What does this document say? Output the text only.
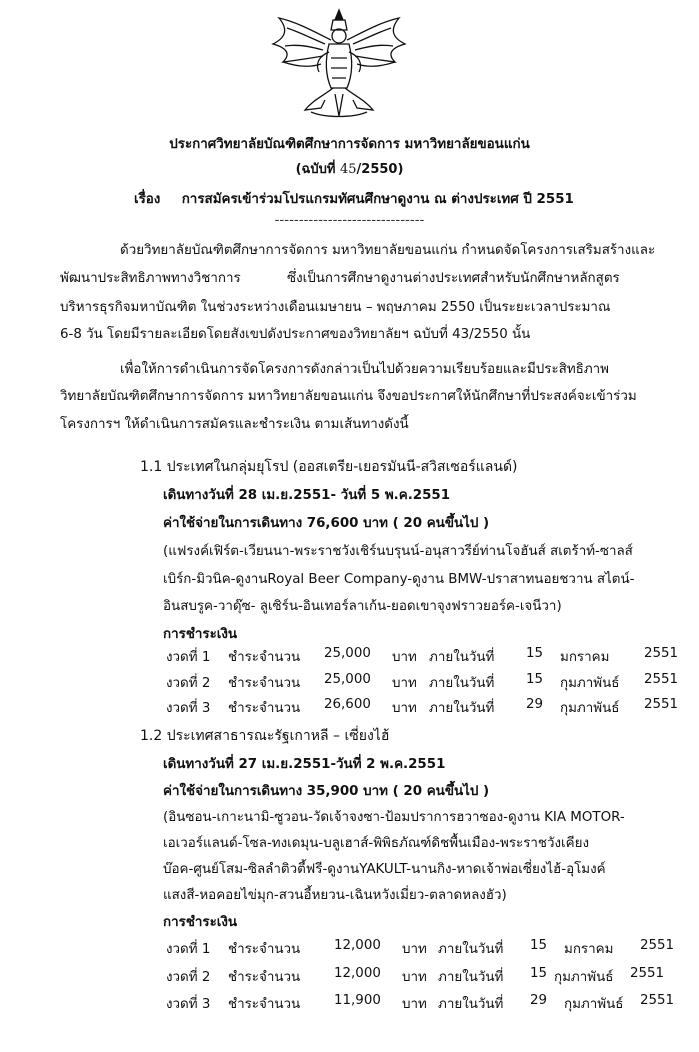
ประกาศวิทยาลัยบัณฑิตศึกษาการจัดการ มหาวิทยาลัยขอนแก่น
(ฉบับที่ 45/2550)
เรื่อง การสมัครเข้าร่วมโปรแกรมทัศนศึกษาดูงาน ณ ต่างประเทศ ปี 2551
-------------------------------
ด้วยวิทยาลัยบัณฑิตศึกษาการจัดการ มหาวิทยาลัยขอนแก่น กำหนดจัดโครงการเสริมสร้างและ
พัฒนาประสิทธิภาพทางวิชาการ	ซึ่งเป็นการศึกษาดูงานต่างประเทศสำหรับนักศึกษาหลักสูตร
บริหารธุรกิจมหาบัณฑิต ในช่วงระหว่างเดือนเมษายน – พฤษภาคม 2550 เป็นระยะเวลาประมาณ
6-8 วัน โดยมีรายละเอียดโดยสังเขปดังประกาศของวิทยาลัยฯ ฉบับที่ 43/2550 นั้น
เพื่อให้การดำเนินการจัดโครงการดังกล่าวเป็นไปด้วยความเรียบร้อยและมีประสิทธิภาพ
วิทยาลัยบัณฑิตศึกษาการจัดการ มหาวิทยาลัยขอนแก่น จึงขอประกาศให้นักศึกษาที่ประสงค์จะเข้าร่วม
โครงการฯ ให้ดำเนินการสมัครและชำระเงิน ตามเส้นทางดังนี้
1.1 ประเทศในกลุ่มยุโรป (ออสเตรีย-เยอรมันนี-สวิสเซอร์แลนด์)
เดินทางวันที่ 28 เม.ย.2551- วันที่ 5 พ.ค.2551
ค่าใช้จ่ายในการเดินทาง 76,600 บาท ( 20 คนขึ้นไป )
(แฟรงค์เฟิร์ต-เวียนนา-พระราชวังเชิร์นบรุนน์-อนุสาวรีย์ท่านโจฮันส์ สเตร้าท์-ซาลส์
เบิร์ก-มิวนิค-ดูงานRoyal Beer Company-ดูงาน BMW-ปราสาทนอยชวาน สไตน์-
อินสบรูค-วาดุ๊ซ- ลูเซิร์น-อินเทอร์ลาเก้น-ยอดเขาจุงฟราวยอร์ค-เจนีวา)
การชำระเงิน
งวดที่ 1 ชำระจำนวน 25,000 บาท ภายในวันที่ 15 มกราคม	2551
งวดที่ 2 ชำระจำนวน 25,000 บาท ภายในวันที่ 15 กุมภาพันธ์ 2551
งวดที่ 3 ชำระจำนวน 26,600 บาท ภายในวันที่ 29 กุมภาพันธ์ 2551
1.2 ประเทศสาธารณะรัฐเกาหลี – เซี่ยงไฮ้
เดินทางวันที่ 27 เม.ย.2551-วันที่ 2 พ.ค.2551
ค่าใช้จ่ายในการเดินทาง 35,900 บาท ( 20 คนขึ้นไป )
(อินซอน-เกาะนามิ-ซูวอน-วัดเจ้าจงซา-ป้อมปราการฮวาซอง-ดูงาน KIA MOTOR-
เอเวอร์แลนด์-โซล-ทงเดมุน-บลูเฮาส์-พิพิธภัณฑ์ดิชพื้นเมือง-พระราชวังเคียง
บ๊อค-ศูนย์โสม-ซิลลำติวตี้ฟรี-ดูงานYAKULT-นานกิง-หาดเจ้าพ่อเซี่ยงไฮ้-อุโมงค์
แสงสี-หอคอยไข่มุก-สวนอี้หยวน-เฉินหวังเมี่ยว-ตลาดหลงฮัว)
การชำระเงิน
งวดที่ 1 ชำระจำนวน	12,000 บาท ภายในวันที่ 15 มกราคม 2551
งวดที่ 2 ชำระจำนวน	12,000 บาท ภายในวันที่ 15 กุมภาพันธ์ 2551
งวดที่ 3 ชำระจำนวน	11,900 บาท ภายในวันที่ 29 กุมภาพันธ์ 2551
